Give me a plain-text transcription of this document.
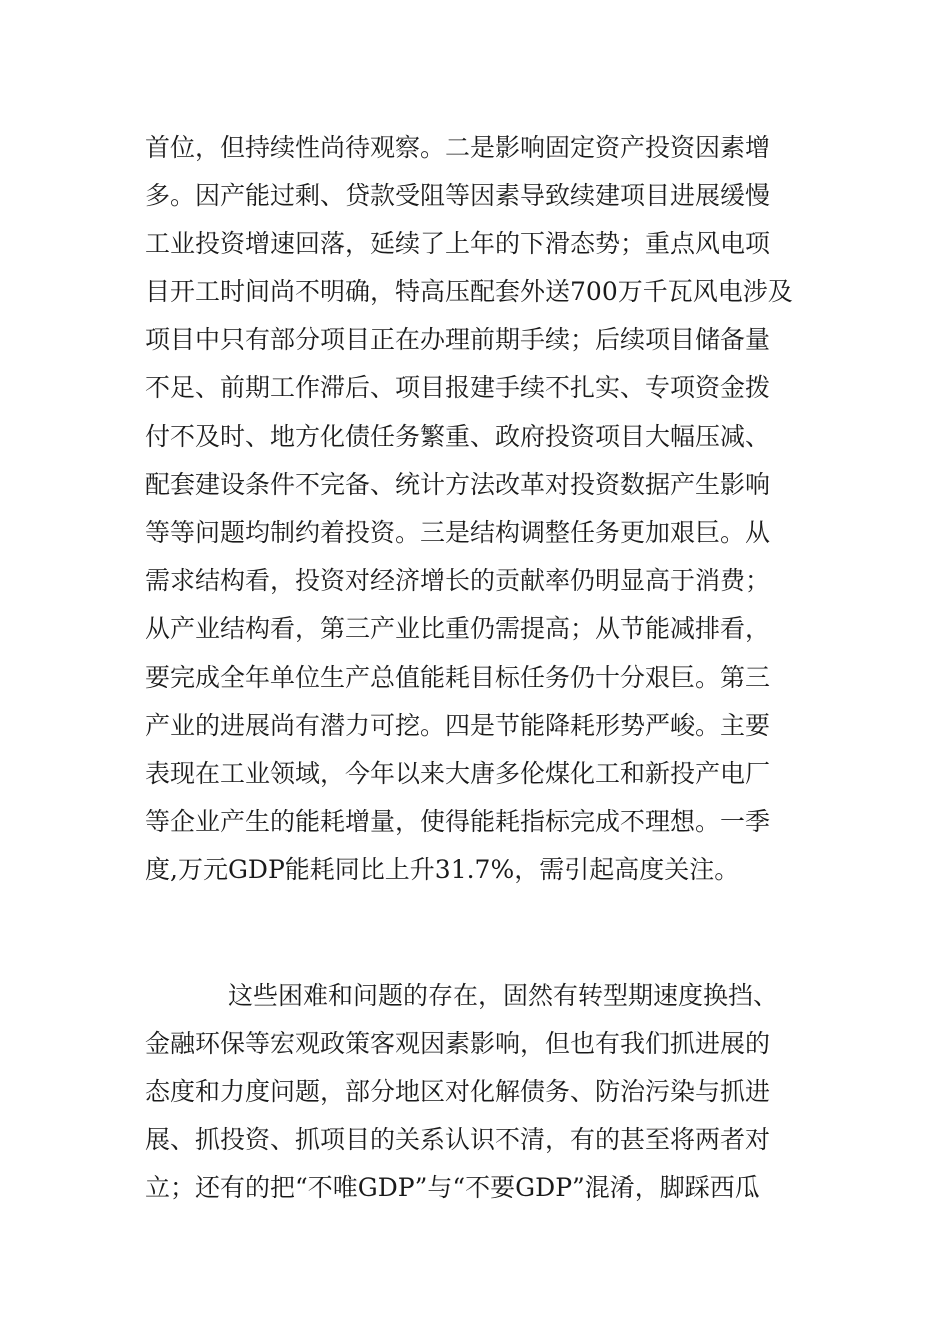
首位，但持续性尚待观察。二是影响固定资产投资因素增
多。因产能过剩、贷款受阻等因素导致续建项目进展缓慢
工业投资增速回落，延续了上年的下滑态势；重点风电项
目开工时间尚不明确，特高压配套外送700万千瓦风电涉及
项目中只有部分项目正在办理前期手续；后续项目储备量
不足、前期工作滞后、项目报建手续不扎实、专项资金拨
付不及时、地方化债任务繁重、政府投资项目大幅压减、
配套建设条件不完备、统计方法改革对投资数据产生影响
等等问题均制约着投资。三是结构调整任务更加艰巨。从
需求结构看，投资对经济增长的贡献率仍明显高于消费；
从产业结构看，第三产业比重仍需提高；从节能减排看，
要完成全年单位生产总值能耗目标任务仍十分艰巨。第三
产业的进展尚有潜力可挖。四是节能降耗形势严峻。主要
表现在工业领域，今年以来大唐多伦煤化工和新投产电厂
等企业产生的能耗增量，使得能耗指标完成不理想。一季
度,万元GDP能耗同比上升31.7%，需引起高度关注。
这些困难和问题的存在，固然有转型期速度换挡、
金融环保等宏观政策客观因素影响，但也有我们抓进展的
态度和力度问题，部分地区对化解债务、防治污染与抓进
展、抓投资、抓项目的关系认识不清，有的甚至将两者对
立；还有的把“不唯GDP”与“不要GDP”混淆，脚踩西瓜
